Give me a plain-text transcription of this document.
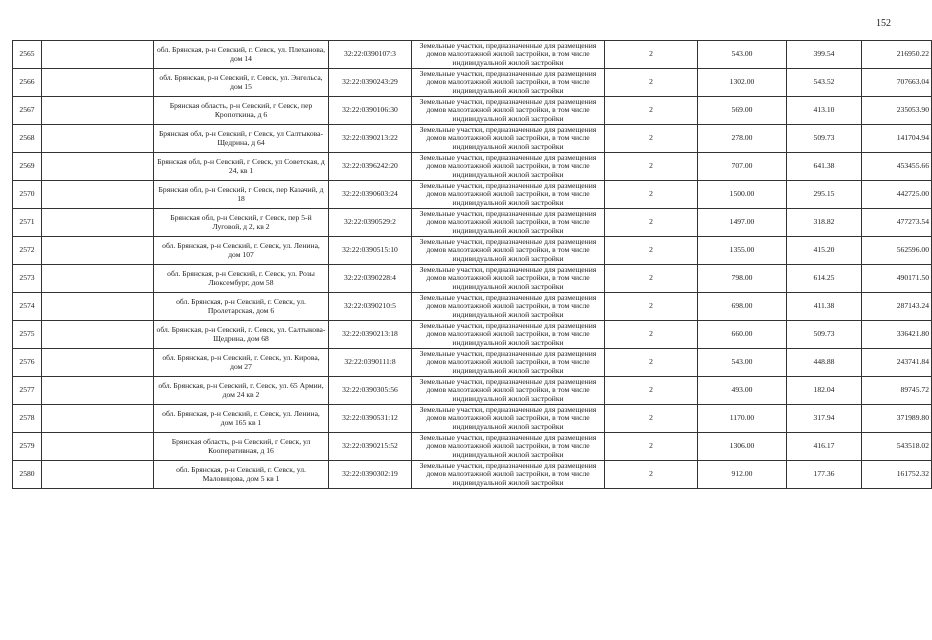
152
2565		обл. Брянская, р-н Севский, г. Севск, ул. Плеханова, дом 14	32:22:0390107:3	Земельные участки, предназначенные для размещения домов малоэтажной жилой застройки, в том числе индивидуальной жилой застройки	2	543.00	399.54	216950.22
2566		обл. Брянская, р-н Севский, г. Севск, ул. Энгельса, дом 15	32:22:0390243:29	Земельные участки, предназначенные для размещения домов малоэтажной жилой застройки, в том числе индивидуальной жилой застройки	2	1302.00	543.52	707663.04
2567		Брянская область, р-н Севский, г Севск, пер Кропоткина, д 6	32:22:0390106:30	Земельные участки, предназначенные для размещения домов малоэтажной жилой застройки, в том числе индивидуальной жилой застройки	2	569.00	413.10	235053.90
2568		Брянская обл, р-н Севский, г Севск, ул Салтыкова-Щедрина, д 64	32:22:0390213:22	Земельные участки, предназначенные для размещения домов малоэтажной жилой застройки, в том числе индивидуальной жилой застройки	2	278.00	509.73	141704.94
2569		Брянская обл, р-н Севский, г Севск, ул Советская, д 24, кв 1	32:22:0396242:20	Земельные участки, предназначенные для размещения домов малоэтажной жилой застройки, в том числе индивидуальной жилой застройки	2	707.00	641.38	453455.66
2570		Брянская обл, р-н Севский, г Севск, пер Казачий, д 18	32:22:0390603:24	Земельные участки, предназначенные для размещения домов малоэтажной жилой застройки, в том числе индивидуальной жилой застройки	2	1500.00	295.15	442725.00
2571		Брянская обл, р-н Севский, г Севск, пер 5-й Луговой, д 2, кв 2	32:22:0390529:2	Земельные участки, предназначенные для размещения домов малоэтажной жилой застройки, в том числе индивидуальной жилой застройки	2	1497.00	318.82	477273.54
2572		обл. Брянская, р-н Севский, г. Севск, ул. Ленина, дом 107	32:22:0390515:10	Земельные участки, предназначенные для размещения домов малоэтажной жилой застройки, в том числе индивидуальной жилой застройки	2	1355.00	415.20	562596.00
2573		обл. Брянская, р-н Севский, г. Севск, ул. Розы Люксембург, дом 58	32:22:0390228:4	Земельные участки, предназначенные для размещения домов малоэтажной жилой застройки, в том числе индивидуальной жилой застройки	2	798.00	614.25	490171.50
2574		обл. Брянская, р-н Севский, г. Севск, ул. Пролетарская, дом 6	32:22:0390210:5	Земельные участки, предназначенные для размещения домов малоэтажной жилой застройки, в том числе индивидуальной жилой застройки	2	698.00	411.38	287143.24
2575		обл. Брянская, р-н Севский, г. Севск, ул. Салтыкова-Щедрина, дом 68	32:22:0390213:18	Земельные участки, предназначенные для размещения домов малоэтажной жилой застройки, в том числе индивидуальной жилой застройки	2	660.00	509.73	336421.80
2576		обл. Брянская, р-н Севский, г. Севск, ул. Кирова, дом 27	32:22:0390111:8	Земельные участки, предназначенные для размещения домов малоэтажной жилой застройки, в том числе индивидуальной жилой застройки	2	543.00	448.88	243741.84
2577		обл. Брянская, р-н Севский, г. Севск, ул. 65 Армии, дом 24 кв 2	32:22:0390305:56	Земельные участки, предназначенные для размещения домов малоэтажной жилой застройки, в том числе индивидуальной жилой застройки	2	493.00	182.04	89745.72
2578		обл. Брянская, р-н Севский, г. Севск, ул. Ленина, дом 165 кв 1	32:22:0390531:12	Земельные участки, предназначенные для размещения домов малоэтажной жилой застройки, в том числе индивидуальной жилой застройки	2	1170.00	317.94	371989.80
2579		Брянская область, р-н Севский, г Севск, ул Кооперативная, д 16	32:22:0390215:52	Земельные участки, предназначенные для размещения домов малоэтажной жилой застройки, в том числе индивидуальной жилой застройки	2	1306.00	416.17	543518.02
2580		обл. Брянская, р-н Севский, г. Севск, ул. Маловицова, дом 5 кв 1	32:22:0390302:19	Земельные участки, предназначенные для размещения домов малоэтажной жилой застройки, в том числе индивидуальной жилой застройки	2	912.00	177.36	161752.32
